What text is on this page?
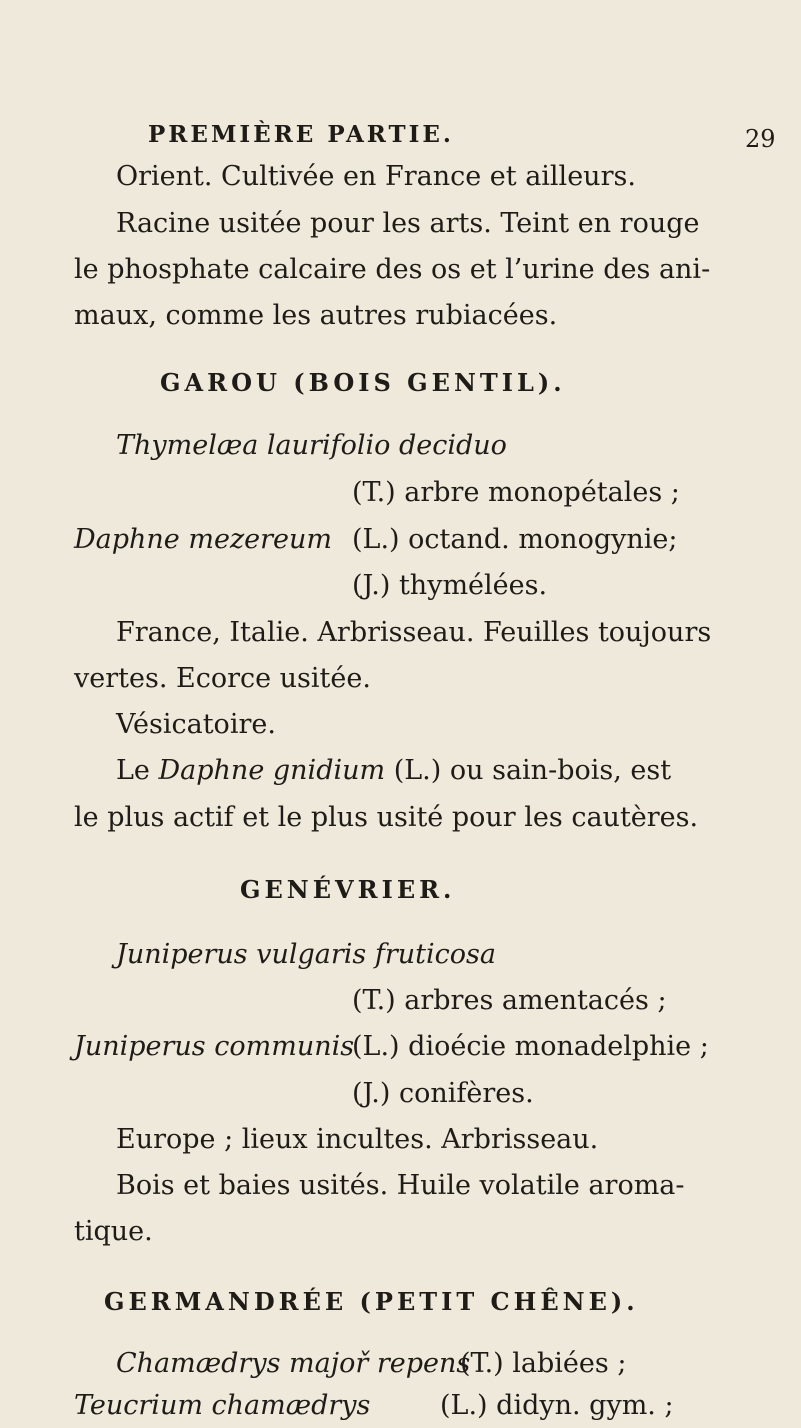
PREMIÈRE PARTIE.	29
Orient. Cultivée en France et ailleurs.
Racine usitée pour les arts. Teint en rouge
le phosphate calcaire des os et l’urine des ani-
maux, comme les autres rubiacées.
GAROU (BOIS GENTIL).
Thymelæa laurifolio deciduo
(T.) arbre monopétales ;
Daphne mezereum (L.) octand. monogynie;
(J.) thymélées.
France, Italie. Arbrisseau. Feuilles toujours
vertes. Ecorce usitée.
Vésicatoire.
Le Daphne gnidium (L.) ou sain-bois, est
le plus actif et le plus usité pour les cautères.
GENÉVRIER.
Juniperus vulgaris fruticosa
(T.) arbres amentacés ;
Juniperus communis
(L.) dioécie monadelphie ;
(J.) conifères.
Europe ; lieux incultes. Arbrisseau.
Bois et baies usités. Huile volatile aroma-
tique.
GERMANDRÉE (PETIT CHÊNE).
Chamædrys majoř repens
(T.) labiées ;
Teucrium chamædrys	(L.) didyn. gym. ;
